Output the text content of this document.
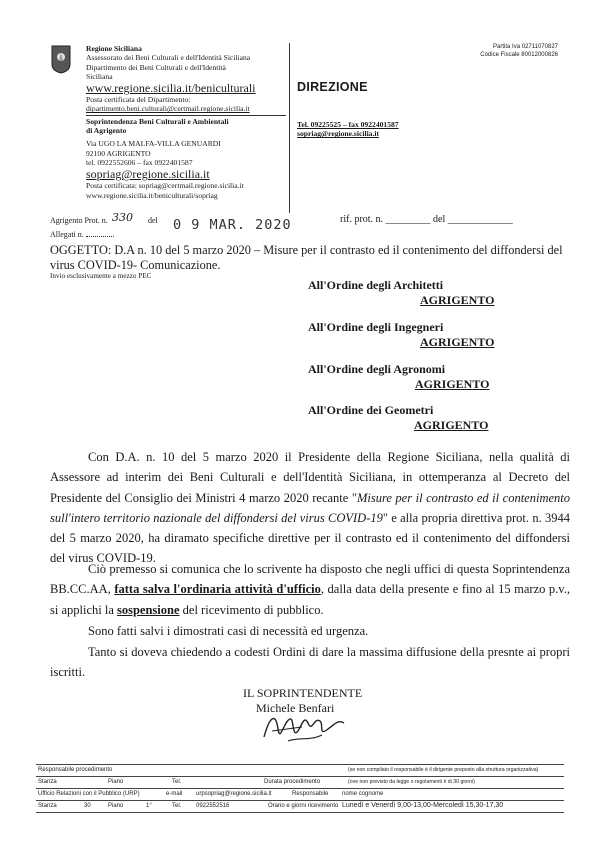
Regione Siciliana
Assessorato dei Beni Culturali e dell'Identità Siciliana
Dipartimento dei Beni Culturali e dell'Identità
Siciliana
www.regione.sicilia.it/beniculturali
Posta certificata del Dipartimento:
dipartimento.beni.culturali@certmail.regione.sicilia.it
Soprintendenza Beni Culturali e Ambientali
di Agrigento
Via UGO LA MALFA-VILLA GENUARDI
92100 AGRIGENTO
tel. 0922552606 – fax 0922401587
sopriag@regione.sicilia.it
Posta certificata: sopriag@certmail.regione.sicilia.it
www.regione.sicilia.it/beniculturali/sopriag
DIREZIONE
Tel. 09225525 – fax 0922401587
sopriag@regione.sicilia.it
Partita Iva 02711070827
Codice Fiscale 80012000826
Agrigento Prot. n. 330 del 0 9 MAR. 2020
Allegati n.
rif. prot. n. _________ del _____________
OGGETTO: D.A n. 10 del 5 marzo 2020 – Misure per il contrasto ed il contenimento del diffondersi del virus COVID-19- Comunicazione.
Invio esclusivamente a mezzo PEC
All'Ordine degli Architetti
AGRIGENTO
All'Ordine degli Ingegneri
AGRIGENTO
All'Ordine degli Agronomi
AGRIGENTO
All'Ordine dei Geometri
AGRIGENTO
Con D.A. n. 10 del 5 marzo 2020 il Presidente della Regione Siciliana, nella qualità di Assessore ad interim dei Beni Culturali e dell'Identità Siciliana, in ottemperanza al Decreto del Presidente del Consiglio dei Ministri 4 marzo 2020 recante "Misure per il contrasto ed il contenimento sull'intero territorio nazionale del diffondersi del virus COVID-19" e alla propria direttiva prot. n. 3944 del 5 marzo 2020, ha diramato specifiche direttive per il contrasto ed il contenimento del diffondersi del virus COVID-19.
Ciò premesso si comunica che lo scrivente ha disposto che negli uffici di questa Soprintendenza BB.CC.AA, fatta salva l'ordinaria attività d'ufficio, dalla data della presente e fino al 15 marzo p.v., si applichi la sospensione del ricevimento di pubblico.
Sono fatti salvi i dimostrati casi di necessità ed urgenza.
Tanto si doveva chiedendo a codesti Ordini di dare la massima diffusione della presnte ai propri iscritti.
IL SOPRINTENDENTE
Michele Benfari
Responsabile procedimento	(se non compilato il responsabile è il dirigente preposto alla struttura organizzativa)
Stanza	Piano	Tel.	Durata procedimento	(ove non previsto da legge o regolamenti è di 30 giorni)
Ufficio Relazioni con il Pubblico (URP)	e-mail urpsopriag@regione.sicilia.it	Responsabile nome cognome
Stanza	30	Piano	1°	Tel. 0922552516	Orario e giorni ricevimento Lunedì e Venerdì 9,00-13,00-Mercoledì 15,30-17,30
